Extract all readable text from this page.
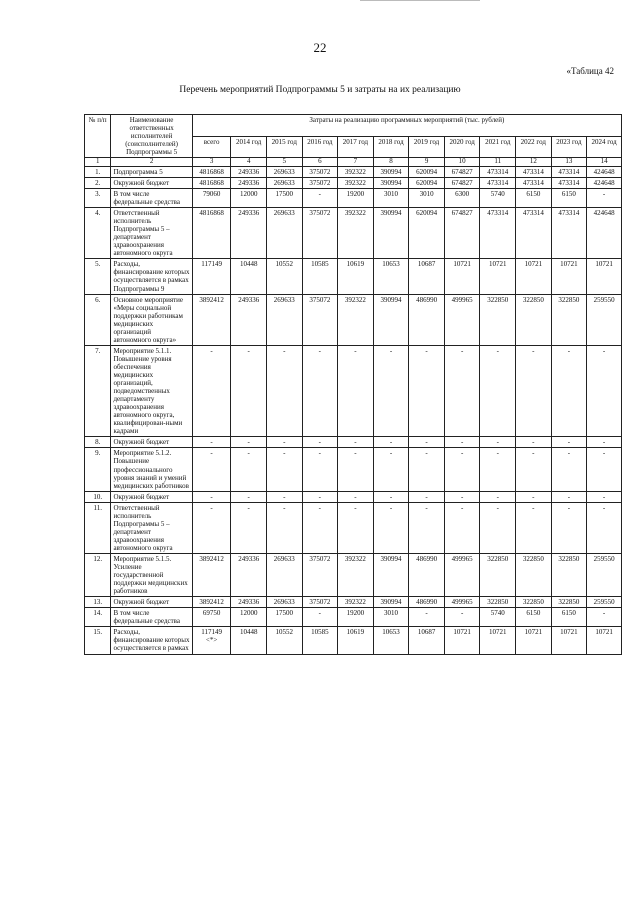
22
«Таблица 42
Перечень мероприятий Подпрограммы 5 и затраты на их реализацию
№ п/п	Наименование ответственных исполнителей (соисполнителей) Подпрограммы 5	Затраты на реализацию программных мероприятий (тыс. рублей)											
		всего	2014 год	2015 год	2016 год	2017 год	2018 год	2019 год	2020 год	2021 год	2022 год	2023 год	2024 год
1	2	3	4	5	6	7	8	9	10	11	12	13	14
1.	Подпрограмма 5	4816868	249336	269633	375072	392322	390994	620094	674827	473314	473314	473314	424648
2.	Окружной бюджет	4816868	249336	269633	375072	392322	390994	620094	674827	473314	473314	473314	424648
3.	В том числе федеральные средства	79060	12000	17500	-	19200	3010	3010	6300	5740	6150	6150	-
4.	Ответственный исполнитель Подпрограммы 5 – департамент здравоохранения автономного округа	4816868	249336	269633	375072	392322	390994	620094	674827	473314	473314	473314	424648
5.	Расходы, финансирование которых осуществляется в рамках Подпрограммы 9	117149	10448	10552	10585	10619	10653	10687	10721	10721	10721	10721	10721
6.	Основное мероприятие «Меры социальной поддержки работникам медицинских организаций автономного округа»	3892412	249336	269633	375072	392322	390994	486990	499965	322850	322850	322850	259550
7.	Мероприятие 5.1.1. Повышение уровня обеспечения медицинских организаций, подведомственных департаменту здравоохранения автономного округа, квалифицирован-ными кадрами	-	-	-	-	-	-	-	-	-	-	-	-
8.	Окружной бюджет	-	-	-	-	-	-	-	-	-	-	-	-
9.	Мероприятие 5.1.2. Повышение профессионального уровня знаний и умений медицинских работников	-	-	-	-	-	-	-	-	-	-	-	-
10.	Окружной бюджет	-	-	-	-	-	-	-	-	-	-	-	-
11.	Ответственный исполнитель Подпрограммы 5 – департамент здравоохранения автономного округа	-	-	-	-	-	-	-	-	-	-	-	-
12.	Мероприятие 5.1.5. Усиление государственной поддержки медицинских работников	3892412	249336	269633	375072	392322	390994	486990	499965	322850	322850	322850	259550
13.	Окружной бюджет	3892412	249336	269633	375072	392322	390994	486990	499965	322850	322850	322850	259550
14.	В том числе федеральные средства	69750	12000	17500	-	19200	3010	-	-	5740	6150	6150	-
15.	Расходы, финансирование которых осуществляется в рамках	117149 <*>	10448	10552	10585	10619	10653	10687	10721	10721	10721	10721	10721
